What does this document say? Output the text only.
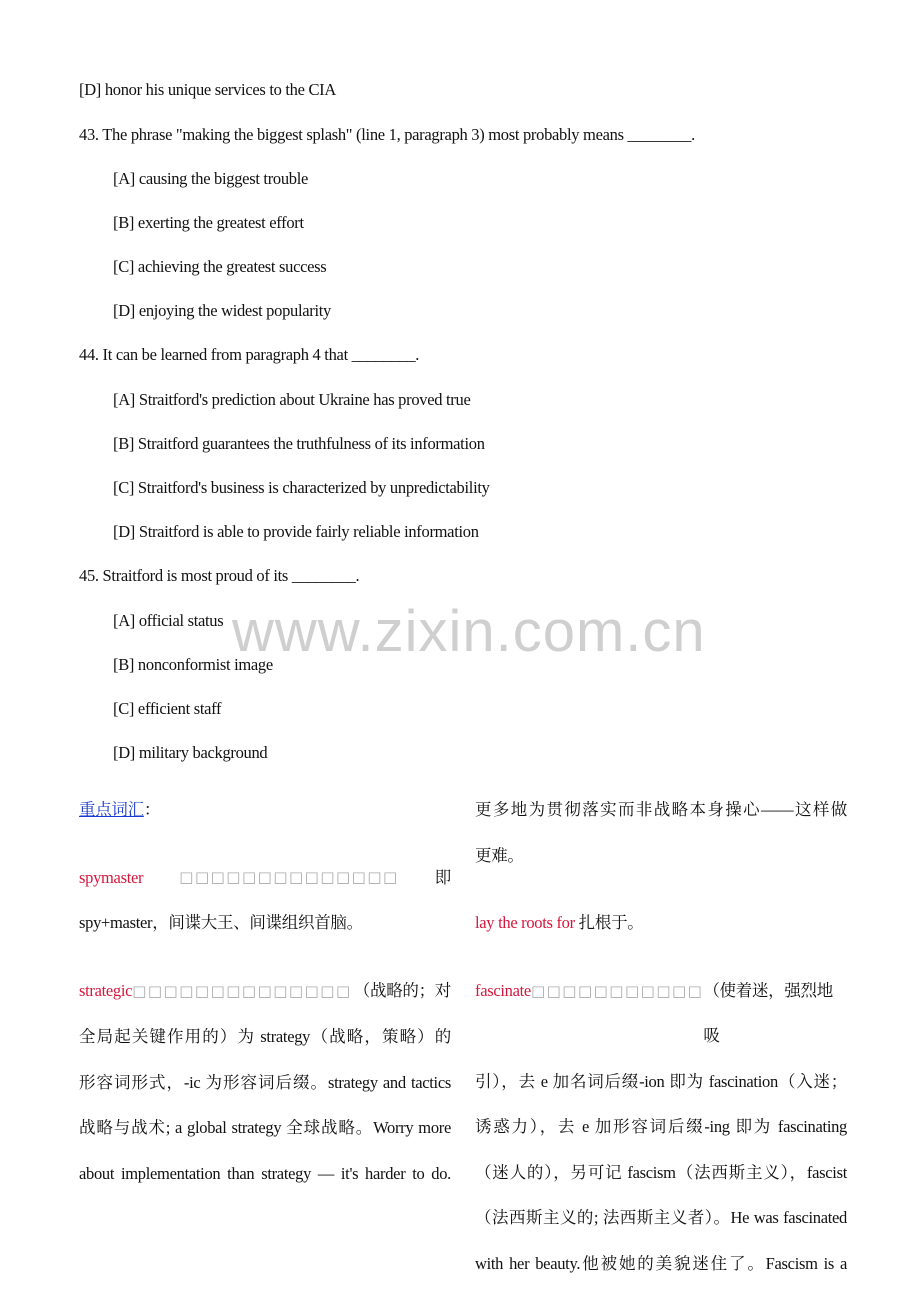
[D] honor his unique services to the CIA
43. The phrase "making the biggest splash" (line 1, paragraph 3) most probably means ________.
[A] causing the biggest trouble
[B] exerting the greatest effort
[C] achieving the greatest success
[D] enjoying the widest popularity
44. It can be learned from paragraph 4 that ________.
[A] Straitford's prediction about Ukraine has proved true
[B] Straitford guarantees the truthfulness of its information
[C] Straitford's business is characterized by unpredictability
[D] Straitford is able to provide fairly reliable information
45. Straitford is most proud of its ________.
[A] official status
[B] nonconformist image
[C] efficient staff
[D] military background
www.zixin.com.cn
重点词汇：
spymaster □□□□□□□□□□□□□□ 即
spy+master，间谍大王、间谍组织首脑。
strategic□□□□□□□□□□□□□□ （战略的；对
全局起关键作用的）为 strategy（战略，策略）的
形容词形式，-ic 为形容词后缀。strategy and tactics
战略与战术; a global strategy 全球战略。Worry more
about implementation than strategy — it's harder to do.
更多地为贯彻落实而非战略本身操心——这样做
更难。
lay the roots for 扎根于。
fascinate□□□□□□□□□□□ （使着迷，强烈地吸
引），去 e 加名词后缀-ion 即为 fascination（入迷；
诱惑力），去 e 加形容词后缀-ing 即为 fascinating
（迷人的），另可记 fascism（法西斯主义），fascist
（法西斯主义的; 法西斯主义者）。He was fascinated
with her beauty.他被她的美貌迷住了。Fascism is a
